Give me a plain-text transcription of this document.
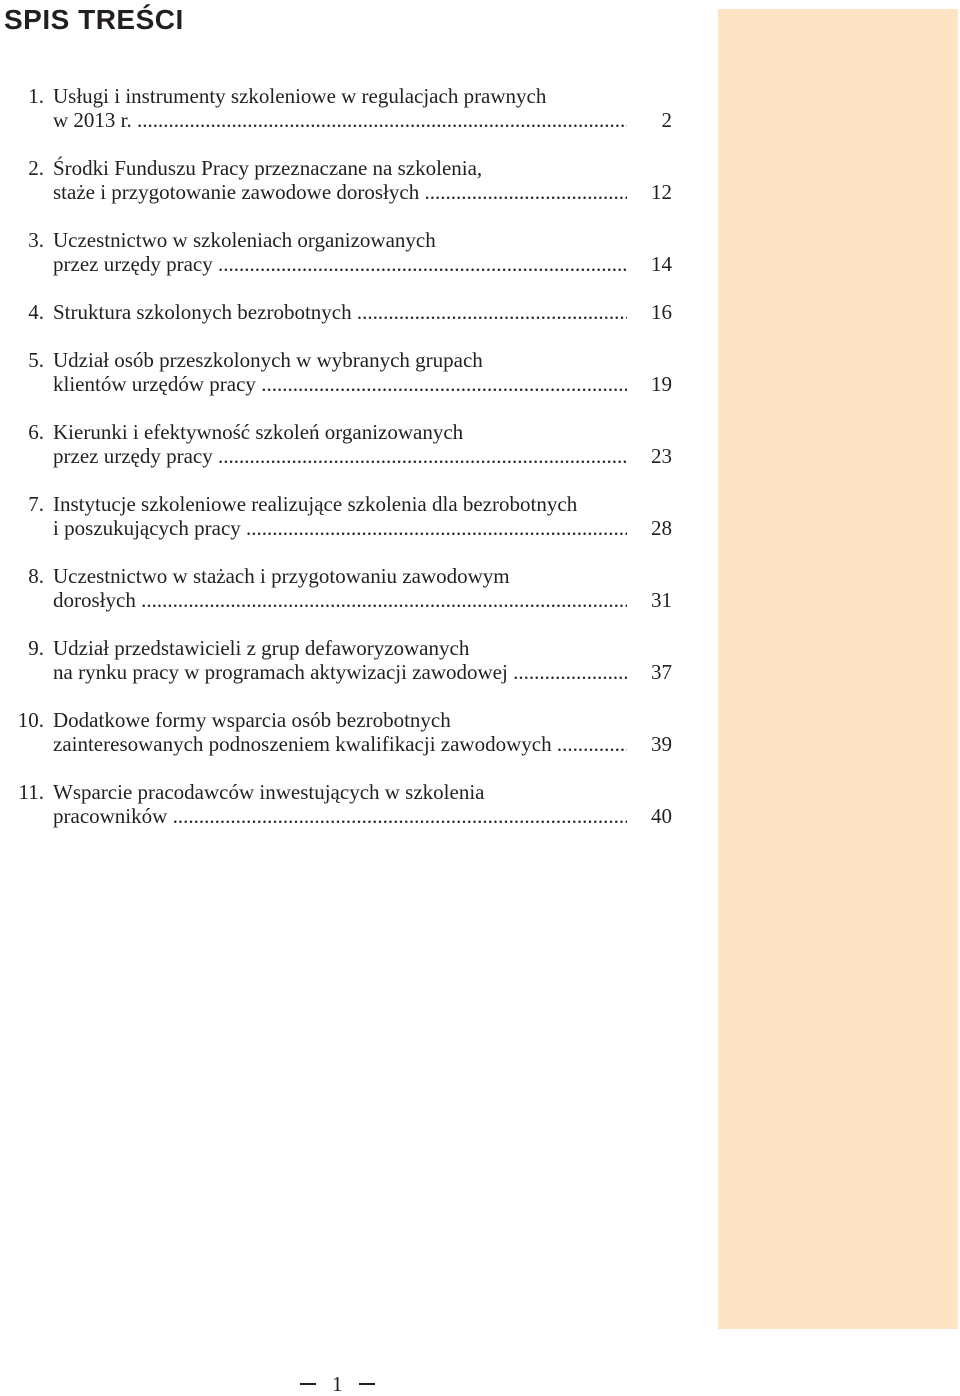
SPIS TREŚCI
1. Usługi i instrumenty szkoleniowe w regulacjach prawnych
w 2013 r. .....	2
2. Środki Funduszu Pracy przeznaczane na szkolenia,
staże i przygotowanie zawodowe dorosłych .....	12
3. Uczestnictwo w szkoleniach organizowanych
przez urzędy pracy .....	14
4. Struktura szkolonych bezrobotnych .....	16
5. Udział osób przeszkolonych w wybranych grupach
klientów urzędów pracy .....	19
6. Kierunki i efektywność szkoleń organizowanych
przez urzędy pracy .....	23
7. Instytucje szkoleniowe realizujące szkolenia dla bezrobotnych
i poszukujących pracy .....	28
8. Uczestnictwo w stażach i przygotowaniu zawodowym
dorosłych .....	31
9. Udział przedstawicieli z grup defaworyzowanych
na rynku pracy w programach aktywizacji zawodowej .....	37
10. Dodatkowe formy wsparcia osób bezrobotnych
zainteresowanych podnoszeniem kwalifikacji zawodowych .....	39
11. Wsparcie pracodawców inwestujących w szkolenia
pracowników .....	40
1
